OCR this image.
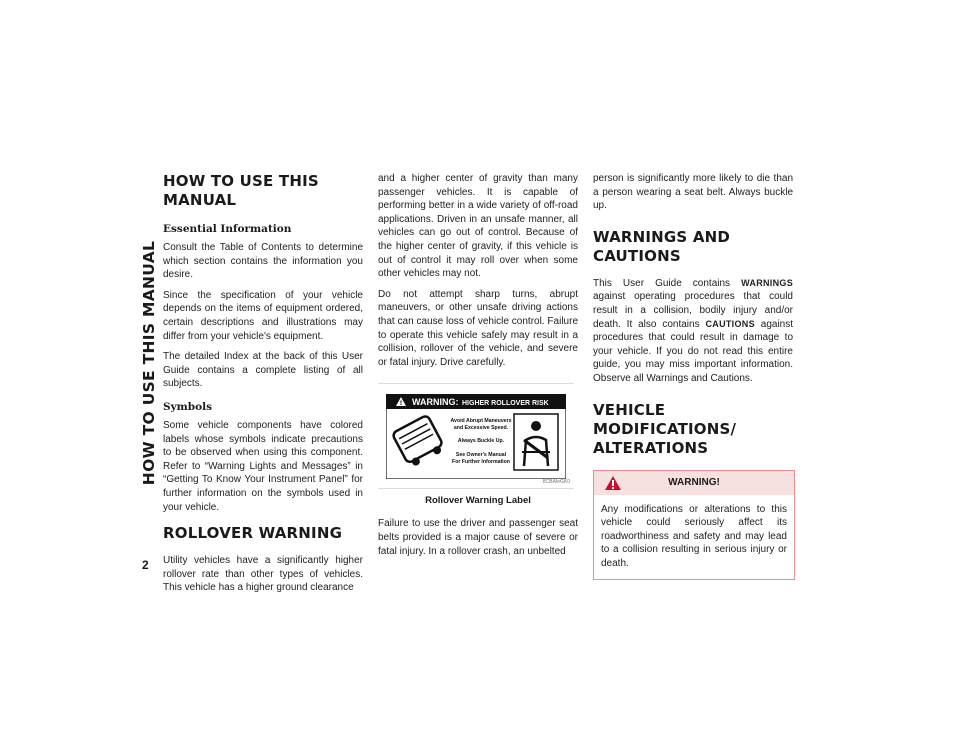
HOW TO USE THIS MANUAL
2
HOW TO USE THIS MANUAL
Essential Information

Consult the Table of Contents to determine which section contains the information you desire.

Since the specification of your vehicle depends on the items of equipment ordered, certain descriptions and illustrations may differ from your vehicle's equipment.

The detailed Index at the back of this User Guide contains a complete listing of all subjects.

Symbols

Some vehicle components have colored labels whose symbols indicate precautions to be observed when using this component. Refer to “Warning Lights and Messages” in “Getting To Know Your Instrument Panel” for further information on the symbols used in your vehicle.

ROLLOVER WARNING

Utility vehicles have a significantly higher rollover rate than other types of vehicles. This vehicle has a higher ground clearance

and a higher center of gravity than many passenger vehicles. It is capable of performing better in a wide variety of off-road applications. Driven in an unsafe manner, all vehicles can go out of control. Because of the higher center of gravity, if this vehicle is out of control it may roll over when some other vehicles may not.

Do not attempt sharp turns, abrupt maneuvers, or other unsafe driving actions that can cause loss of vehicle control. Failure to operate this vehicle safely may result in a collision, rollover of the vehicle, and severe or fatal injury. Drive carefully.

! WARNING: HIGHER ROLLOVER RISK
Avoid Abrupt Maneuvers
and Excessive Speed.
Always Buckle Up.
See Owner's Manual
For Further Information
8CBAfeGK0
Rollover Warning Label

Failure to use the driver and passenger seat belts provided is a major cause of severe or fatal injury. In a rollover crash, an unbelted

person is significantly more likely to die than a person wearing a seat belt. Always buckle up.

WARNINGS AND CAUTIONS

This User Guide contains WARNINGS against operating procedures that could result in a collision, bodily injury and/or death. It also contains CAUTIONS against procedures that could result in damage to your vehicle. If you do not read this entire guide, you may miss important information. Observe all Warnings and Cautions.

VEHICLE MODIFICATIONS/
ALTERATIONS
WARNING!

Any modifications or alterations to this vehicle could seriously affect its roadworthiness and safety and may lead to a collision resulting in serious injury or death.
